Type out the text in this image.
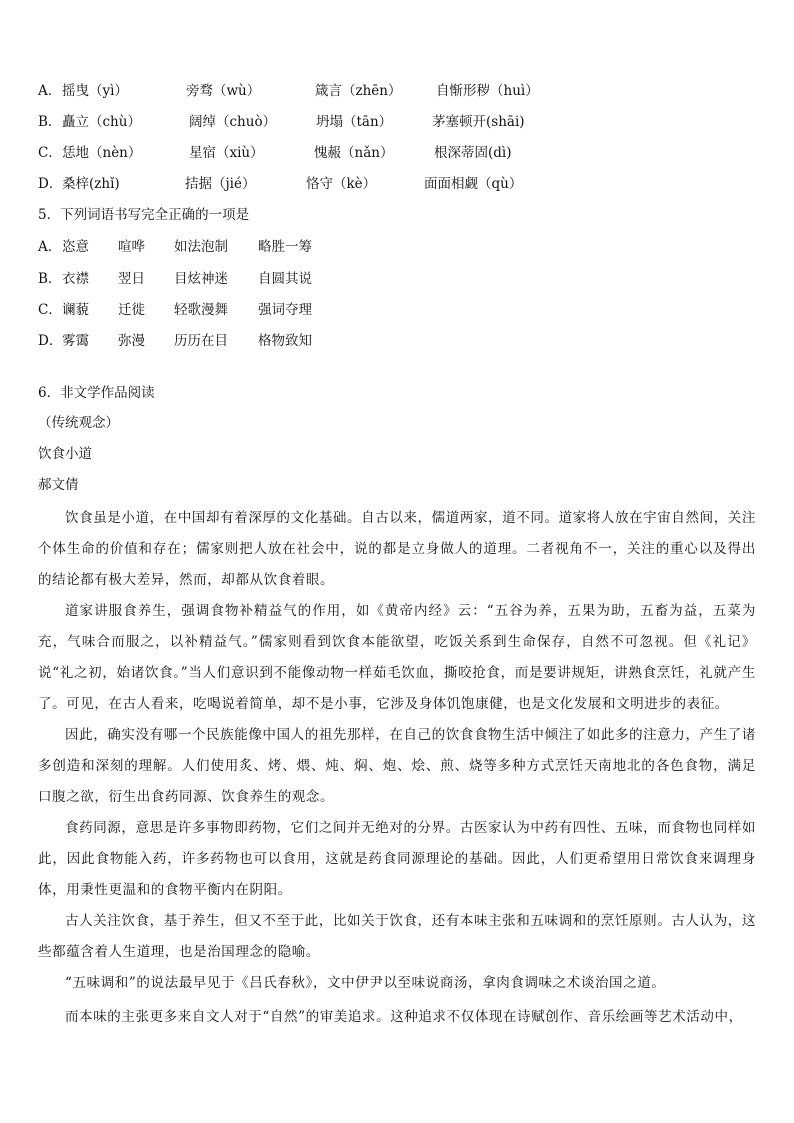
A． 摇曳（yì）	旁骛（wù）	箴言（zhēn）	自惭形秽（huì）
B． 矗立（chù）	阔绰（chuò）	坍塌（tān）	茅塞顿开(shāi)
C． 恁地（nèn）	星宿（xiù）	愧赧（nǎn）	根深蒂固(dì)
D． 桑梓(zhǐ)	拮据（jié）	恪守（kè）	面面相觑（qù）
5．下列词语书写完全正确的一项是
A． 恣意 喧哗 如法泡制 略胜一筹
B． 衣襟 翌日 目炫神迷 自圆其说
C． 谰藐 迁徙 轻歌漫舞 强词夺理
D． 雾霭 弥漫 历历在目 格物致知
6．非文学作品阅读
（传统观念）
饮食小道
郝文倩
饮食虽是小道，在中国却有着深厚的文化基础。自古以来，儒道两家，道不同。道家将人放在宇宙自然间，关注个体生命的价值和存在；儒家则把人放在社会中，说的都是立身做人的道理。二者视角不一，关注的重心以及得出的结论都有极大差异，然而，却都从饮食着眼。
道家讲服食养生，强调食物补精益气的作用，如《黄帝内经》云：“五谷为养，五果为助，五畜为益，五菜为充，气味合而服之，以补精益气。”儒家则看到饮食本能欲望，吃饭关系到生命保存，自然不可忽视。但《礼记》说“礼之初，始诸饮食。”当人们意识到不能像动物一样茹毛饮血，撕咬抢食，而是要讲规矩，讲熟食烹饪，礼就产生了。可见，在古人看来，吃喝说着简单，却不是小事，它涉及身体饥饱康健，也是文化发展和文明进步的表征。
因此，确实没有哪一个民族能像中国人的祖先那样，在自己的饮食食物生活中倾注了如此多的注意力，产生了诸多创造和深刻的理解。人们使用炙、烤、煨、炖、焖、炮、烩、煎、烧等多种方式烹饪天南地北的各色食物，满足口腹之欲，衍生出食药同源、饮食养生的观念。
食药同源，意思是许多事物即药物，它们之间并无绝对的分界。古医家认为中药有四性、五味，而食物也同样如此，因此食物能入药，许多药物也可以食用，这就是药食同源理论的基础。因此，人们更希望用日常饮食来调理身体，用秉性更温和的食物平衡内在阴阳。
古人关注饮食，基于养生，但又不至于此，比如关于饮食，还有本味主张和五味调和的烹饪原则。古人认为，这些都蕴含着人生道理，也是治国理念的隐喻。
“五味调和”的说法最早见于《吕氏春秋》，文中伊尹以至味说商汤，拿肉食调味之术谈治国之道。
而本味的主张更多来自文人对于“自然”的审美追求。这种追求不仅体现在诗赋创作、音乐绘画等艺术活动中，
